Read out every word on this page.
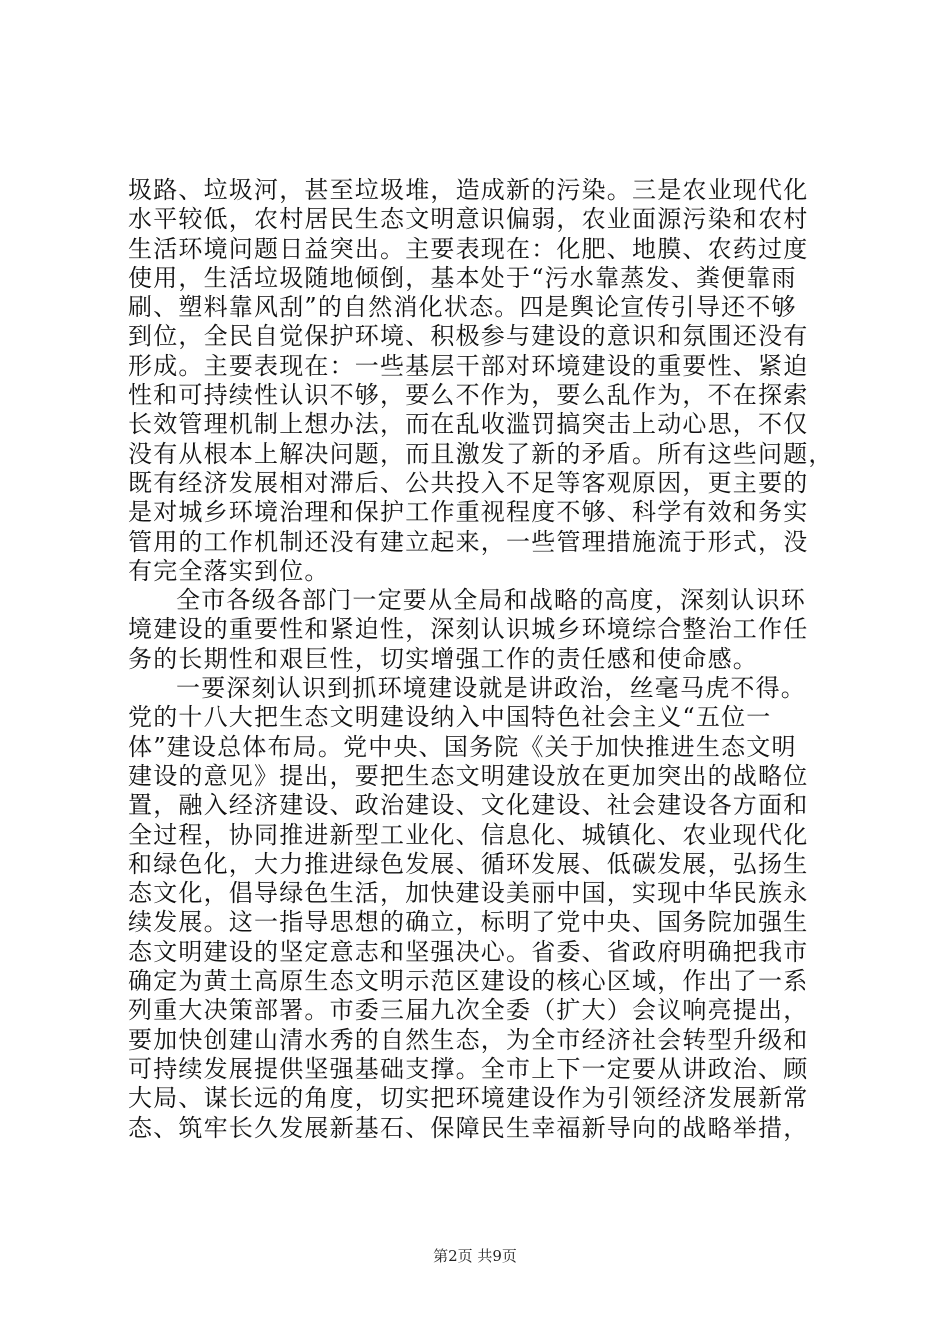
圾路、垃圾河，甚至垃圾堆，造成新的污染。三是农业现代化
水平较低，农村居民生态文明意识偏弱，农业面源污染和农村
生活环境问题日益突出。主要表现在：化肥、地膜、农药过度
使用，生活垃圾随地倾倒，基本处于“污水靠蒸发、粪便靠雨
刷、塑料靠风刮”的自然消化状态。四是舆论宣传引导还不够
到位，全民自觉保护环境、积极参与建设的意识和氛围还没有
形成。主要表现在：一些基层干部对环境建设的重要性、紧迫
性和可持续性认识不够，要么不作为，要么乱作为，不在探索
长效管理机制上想办法，而在乱收滥罚搞突击上动心思，不仅
没有从根本上解决问题，而且激发了新的矛盾。所有这些问题，
既有经济发展相对滞后、公共投入不足等客观原因，更主要的
是对城乡环境治理和保护工作重视程度不够、科学有效和务实
管用的工作机制还没有建立起来，一些管理措施流于形式，没
有完全落实到位。
全市各级各部门一定要从全局和战略的高度，深刻认识环
境建设的重要性和紧迫性，深刻认识城乡环境综合整治工作任
务的长期性和艰巨性，切实增强工作的责任感和使命感。
一要深刻认识到抓环境建设就是讲政治，丝毫马虎不得。
党的十八大把生态文明建设纳入中国特色社会主义“五位一
体”建设总体布局。党中央、国务院《关于加快推进生态文明
建设的意见》提出，要把生态文明建设放在更加突出的战略位
置，融入经济建设、政治建设、文化建设、社会建设各方面和
全过程，协同推进新型工业化、信息化、城镇化、农业现代化
和绿色化，大力推进绿色发展、循环发展、低碳发展，弘扬生
态文化，倡导绿色生活，加快建设美丽中国，实现中华民族永
续发展。这一指导思想的确立，标明了党中央、国务院加强生
态文明建设的坚定意志和坚强决心。省委、省政府明确把我市
确定为黄土高原生态文明示范区建设的核心区域，作出了一系
列重大决策部署。市委三届九次全委（扩大）会议响亮提出，
要加快创建山清水秀的自然生态，为全市经济社会转型升级和
可持续发展提供坚强基础支撑。全市上下一定要从讲政治、顾
大局、谋长远的角度，切实把环境建设作为引领经济发展新常
态、筑牢长久发展新基石、保障民生幸福新导向的战略举措，
第2页 共9页
